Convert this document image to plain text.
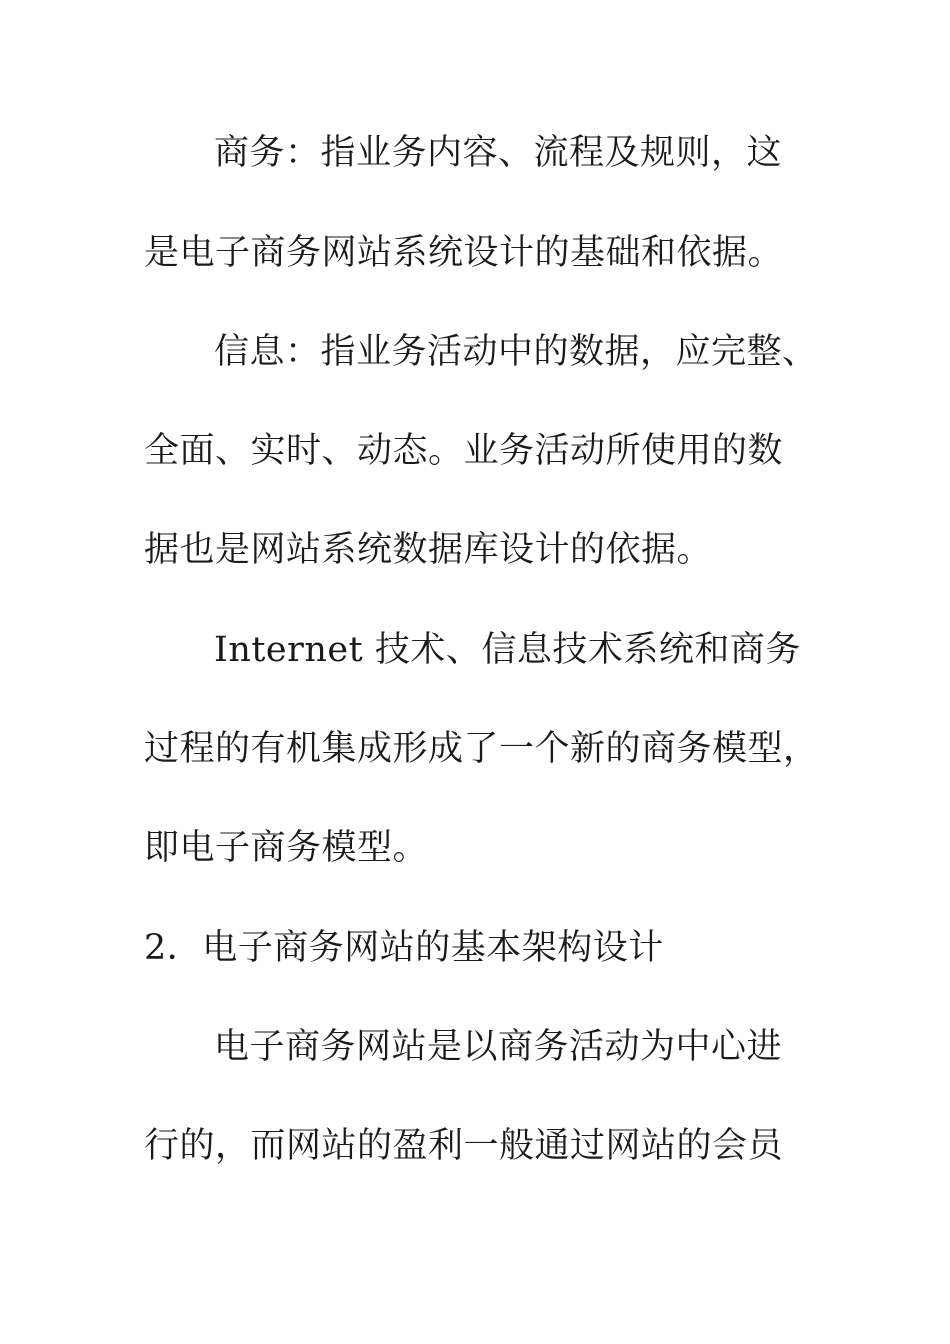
商务：指业务内容、流程及规则，这
是电子商务网站系统设计的基础和依据。
信息：指业务活动中的数据，应完整、
全面、实时、动态。业务活动所使用的数
据也是网站系统数据库设计的依据。
Internet 技术、信息技术系统和商务
过程的有机集成形成了一个新的商务模型，
即电子商务模型。
2．电子商务网站的基本架构设计
电子商务网站是以商务活动为中心进
行的，而网站的盈利一般通过网站的会员
